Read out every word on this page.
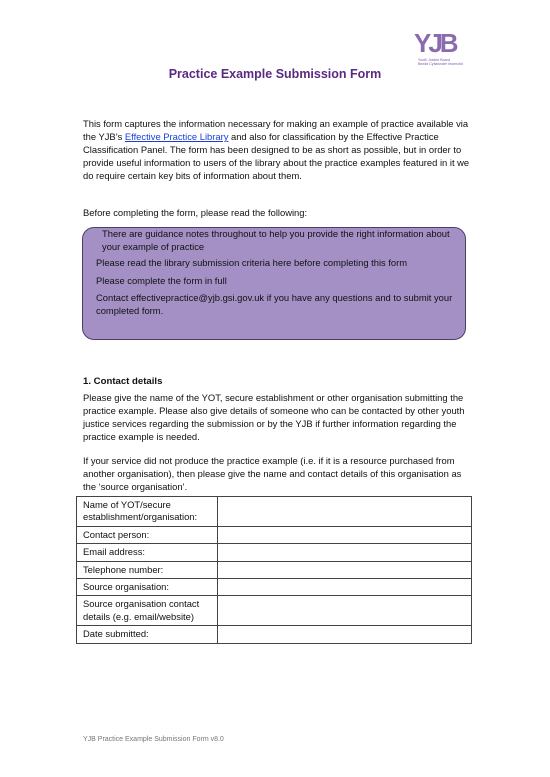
YJB
Youth Justice Board
Bwrdd Cyfiawnder Ieuenctid
Practice Example Submission Form
This form captures the information necessary for making an example of practice available via the YJB’s Effective Practice Library and also for classification by the Effective Practice Classification Panel. The form has been designed to be as short as possible, but in order to provide useful information to users of the library about the practice examples featured in it we do require certain key bits of information about them.
Before completing the form, please read the following:
There are guidance notes throughout to help you provide the right information about your example of practice
Please read the library submission criteria here before completing this form
Please complete the form in full
Contact effectivepractice@yjb.gsi.gov.uk if you have any questions and to submit your completed form.
1. Contact details
Please give the name of the YOT, secure establishment or other organisation submitting the practice example. Please also give details of someone who can be contacted by other youth justice services regarding the submission or by the YJB if further information regarding the practice example is needed.
If your service did not produce the practice example (i.e. if it is a resource purchased from another organisation), then please give the name and contact details of this organisation as the ‘source organisation’.
Name of YOT/secure establishment/organisation:	
Contact person:	
Email address:	
Telephone number:	
Source organisation:	
Source organisation contact details (e.g. email/website)	
Date submitted:	
YJB Practice Example Submission Form v8.0
